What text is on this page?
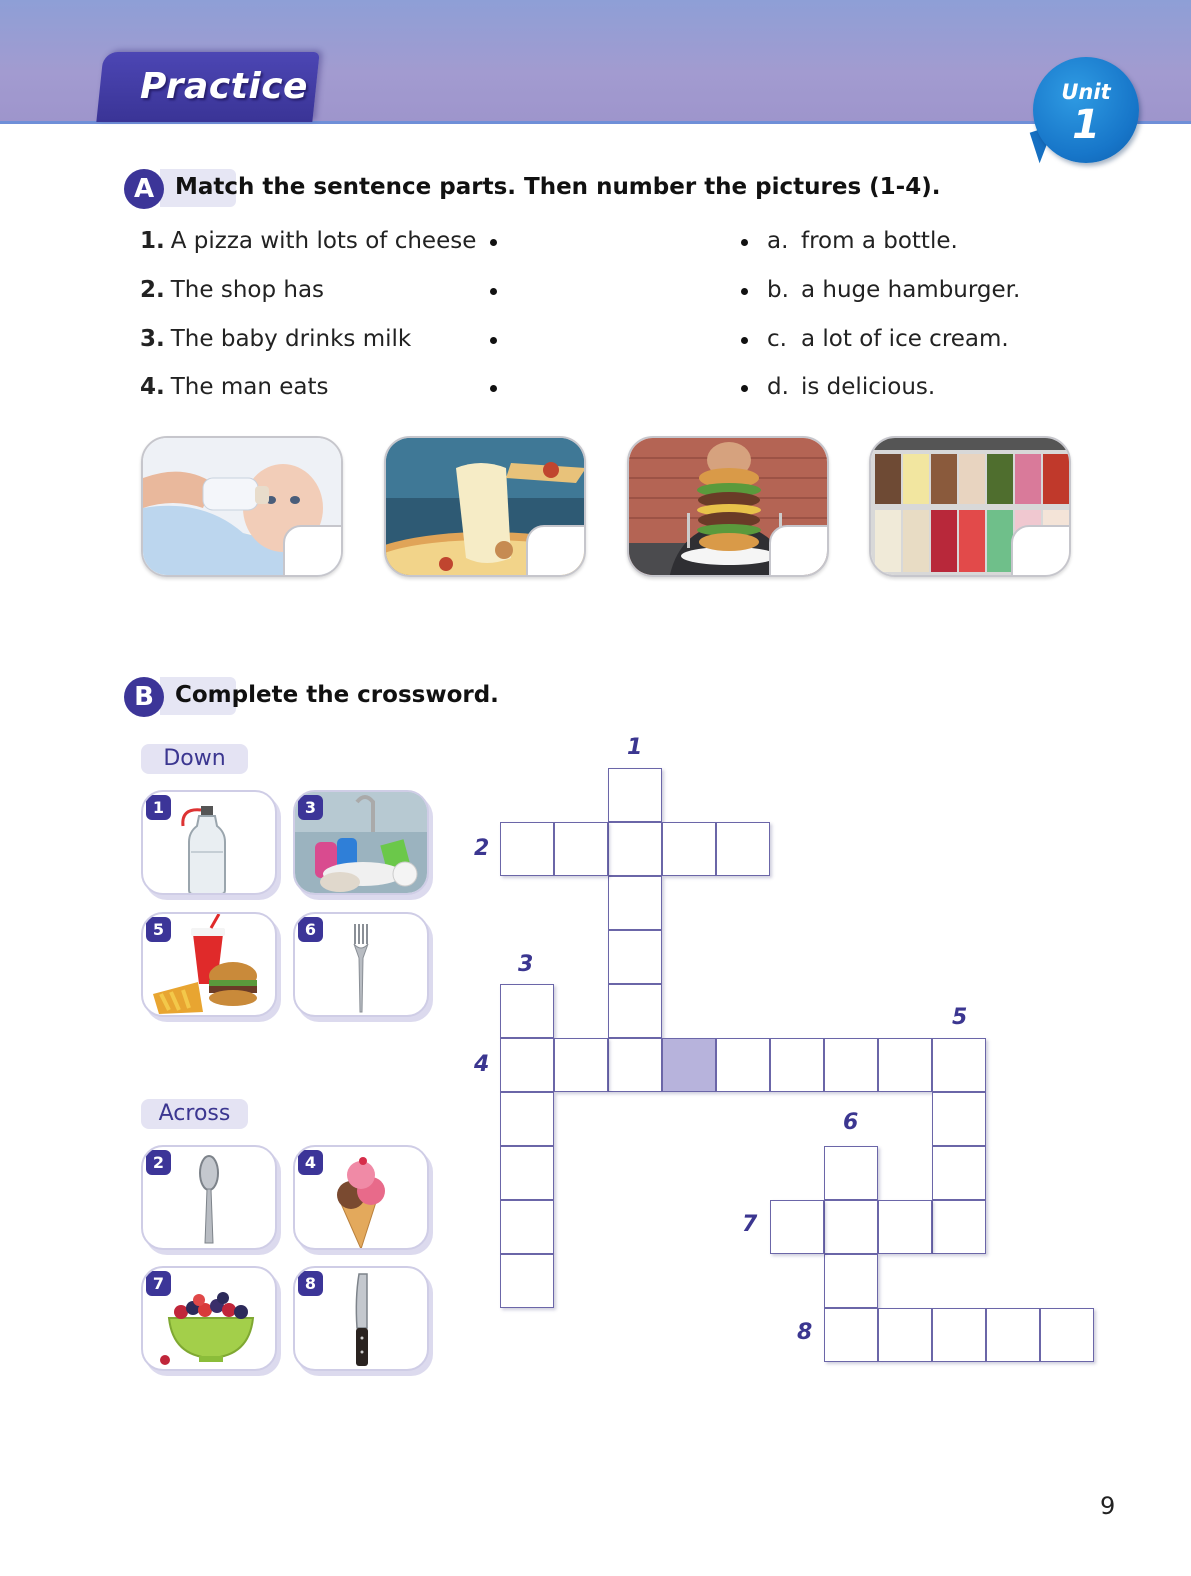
Practice	Unit
1
A Match the sentence parts. Then number the pictures (1-4).
1. A pizza with lots of cheese
2. The shop has
3. The baby drinks milk
4. The man eats
a. from a bottle.
b. a huge hamburger.
c. a lot of ice cream.
d. is delicious.
B Complete the crossword.
Down
Across
1	3
5	6
2	4
7	8
1
2
3
4
5
6
7
8
9
